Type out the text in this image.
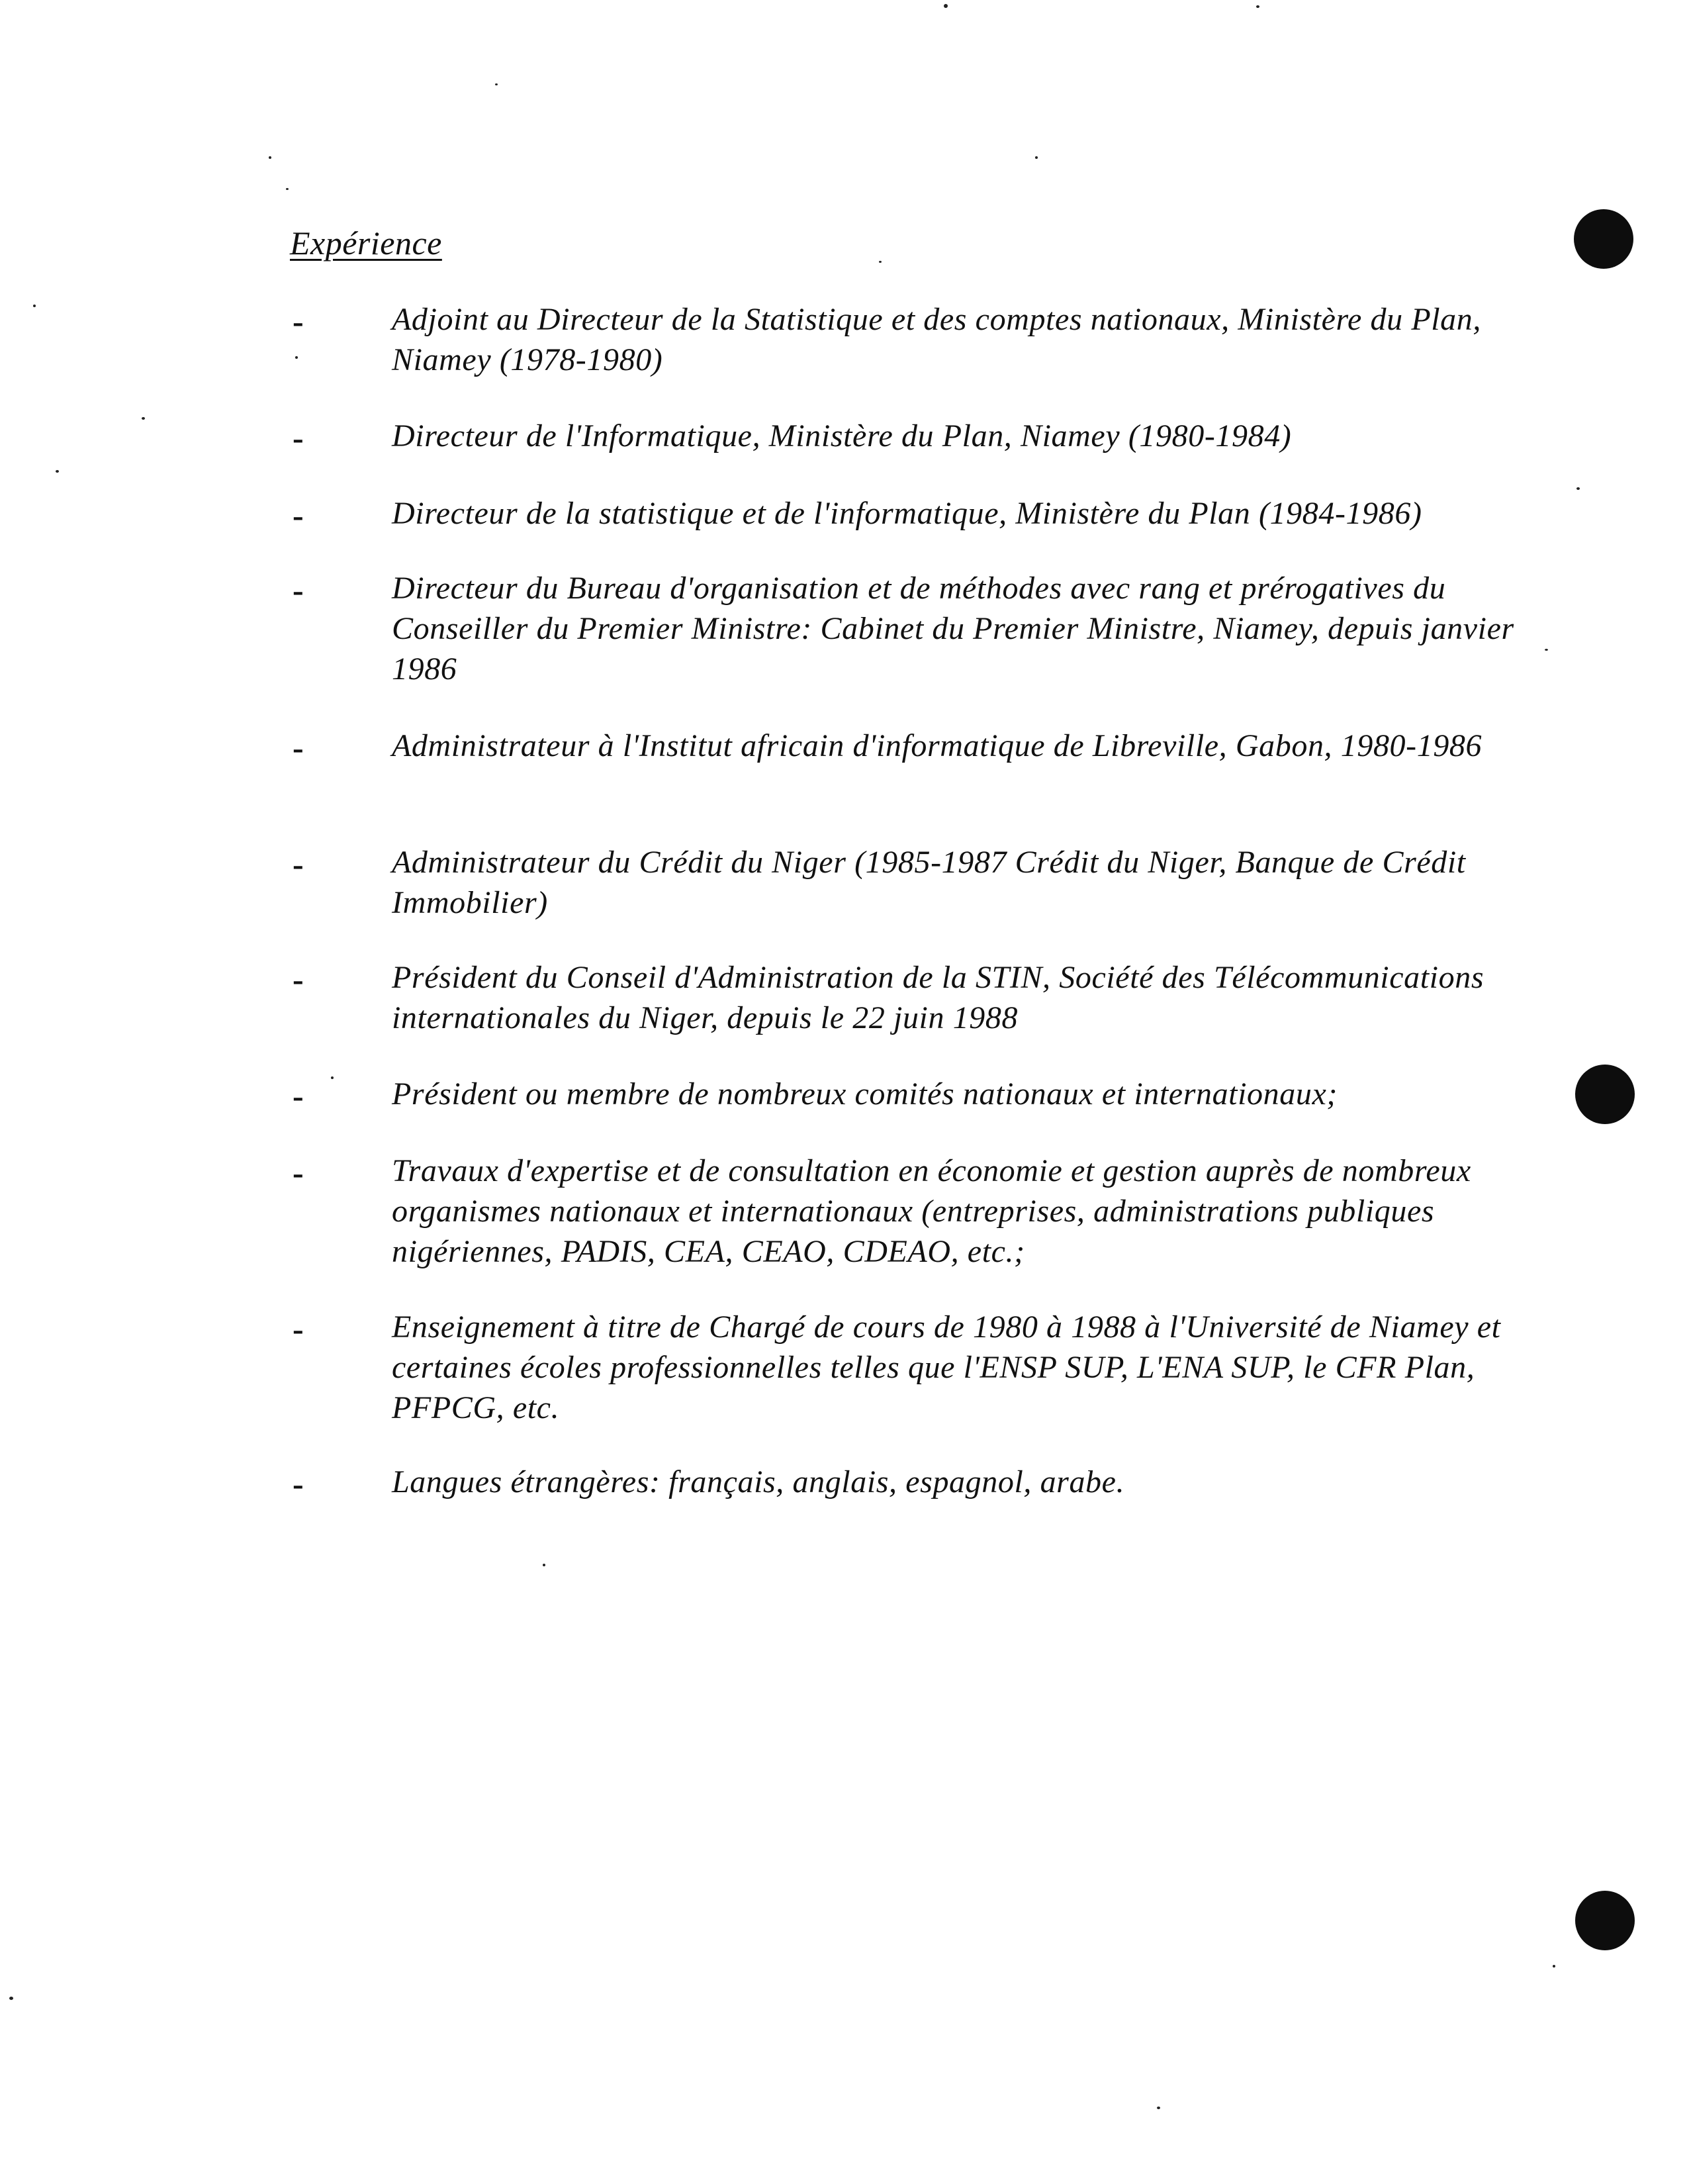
Expérience
-	Adjoint au Directeur de la Statistique et des comptes nationaux, Ministère du Plan, Niamey (1978-1980)
-	Directeur de l'Informatique, Ministère du Plan, Niamey (1980-1984)
-	Directeur de la statistique et de l'informatique, Ministère du Plan (1984-1986)
-	Directeur du Bureau d'organisation et de méthodes avec rang et prérogatives du Conseiller du Premier Ministre: Cabinet du Premier Ministre, Niamey, depuis janvier 1986
-	Administrateur à l'Institut africain d'informatique de Libreville, Gabon, 1980-1986
-	Administrateur du Crédit du Niger (1985-1987 Crédit du Niger, Banque de Crédit Immobilier)
-	Président du Conseil d'Administration de la STIN, Société des Télécommunications internationales du Niger, depuis le 22 juin 1988
-	Président ou membre de nombreux comités nationaux et internationaux;
-	Travaux d'expertise et de consultation en économie et gestion auprès de nombreux organismes nationaux et internationaux (entreprises, administrations publiques nigériennes, PADIS, CEA, CEAO, CDEAO, etc.;
-	Enseignement à titre de Chargé de cours de 1980 à 1988 à l'Université de Niamey et certaines écoles professionnelles telles que l'ENSP SUP, L'ENA SUP, le CFR Plan, PFPCG, etc.
-	Langues étrangères: français, anglais, espagnol, arabe.
